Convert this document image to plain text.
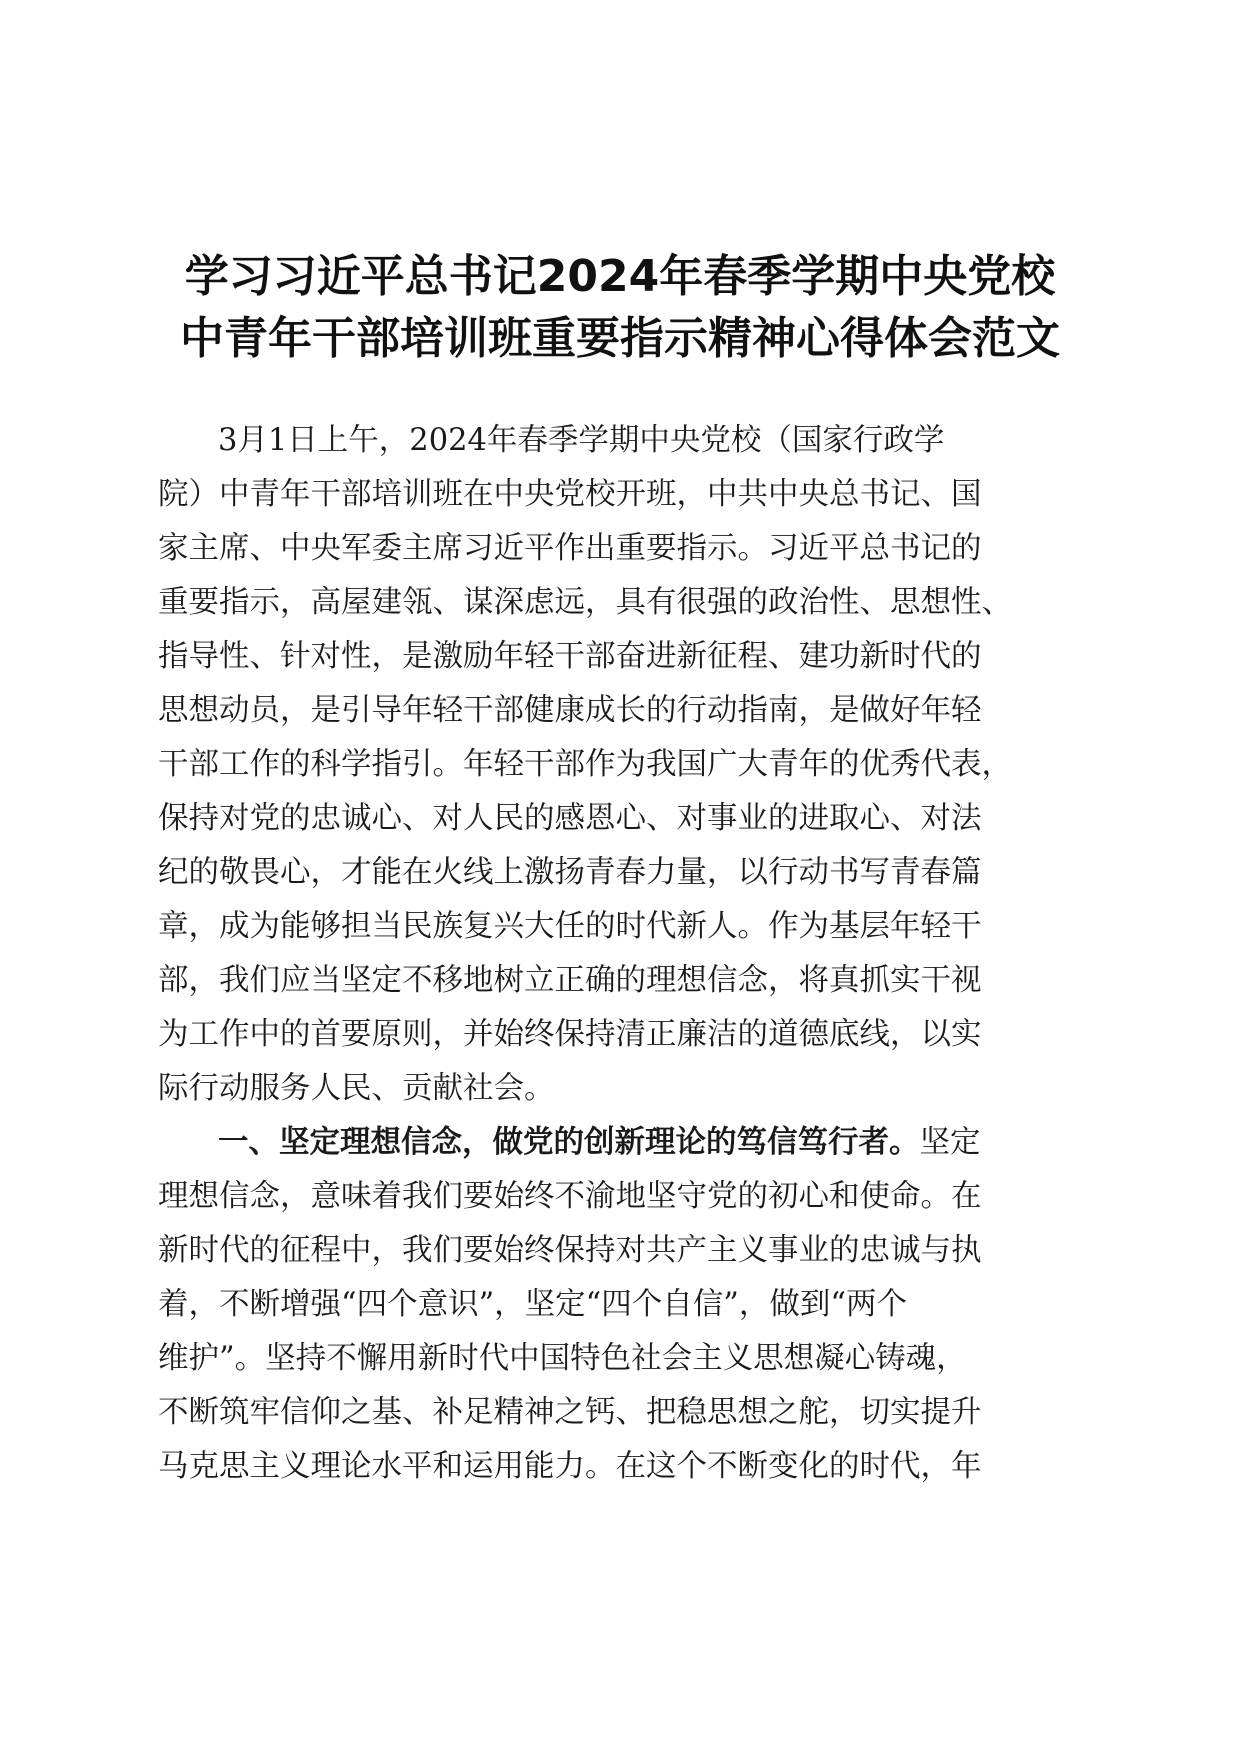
学习习近平总书记2024年春季学期中央党校
中青年干部培训班重要指示精神心得体会范文
3月1日上午，2024年春季学期中央党校（国家行政学
院）中青年干部培训班在中央党校开班，中共中央总书记、国
家主席、中央军委主席习近平作出重要指示。习近平总书记的
重要指示，高屋建瓴、谋深虑远，具有很强的政治性、思想性、
指导性、针对性，是激励年轻干部奋进新征程、建功新时代的
思想动员，是引导年轻干部健康成长的行动指南，是做好年轻
干部工作的科学指引。年轻干部作为我国广大青年的优秀代表，
保持对党的忠诚心、对人民的感恩心、对事业的进取心、对法
纪的敬畏心，才能在火线上激扬青春力量，以行动书写青春篇
章，成为能够担当民族复兴大任的时代新人。作为基层年轻干
部，我们应当坚定不移地树立正确的理想信念，将真抓实干视
为工作中的首要原则，并始终保持清正廉洁的道德底线，以实
际行动服务人民、贡献社会。
一、坚定理想信念，做党的创新理论的笃信笃行者。坚定
理想信念，意味着我们要始终不渝地坚守党的初心和使命。在
新时代的征程中，我们要始终保持对共产主义事业的忠诚与执
着，不断增强“四个意识”，坚定“四个自信”，做到“两个
维护”。坚持不懈用新时代中国特色社会主义思想凝心铸魂，
不断筑牢信仰之基、补足精神之钙、把稳思想之舵，切实提升
马克思主义理论水平和运用能力。在这个不断变化的时代，年
